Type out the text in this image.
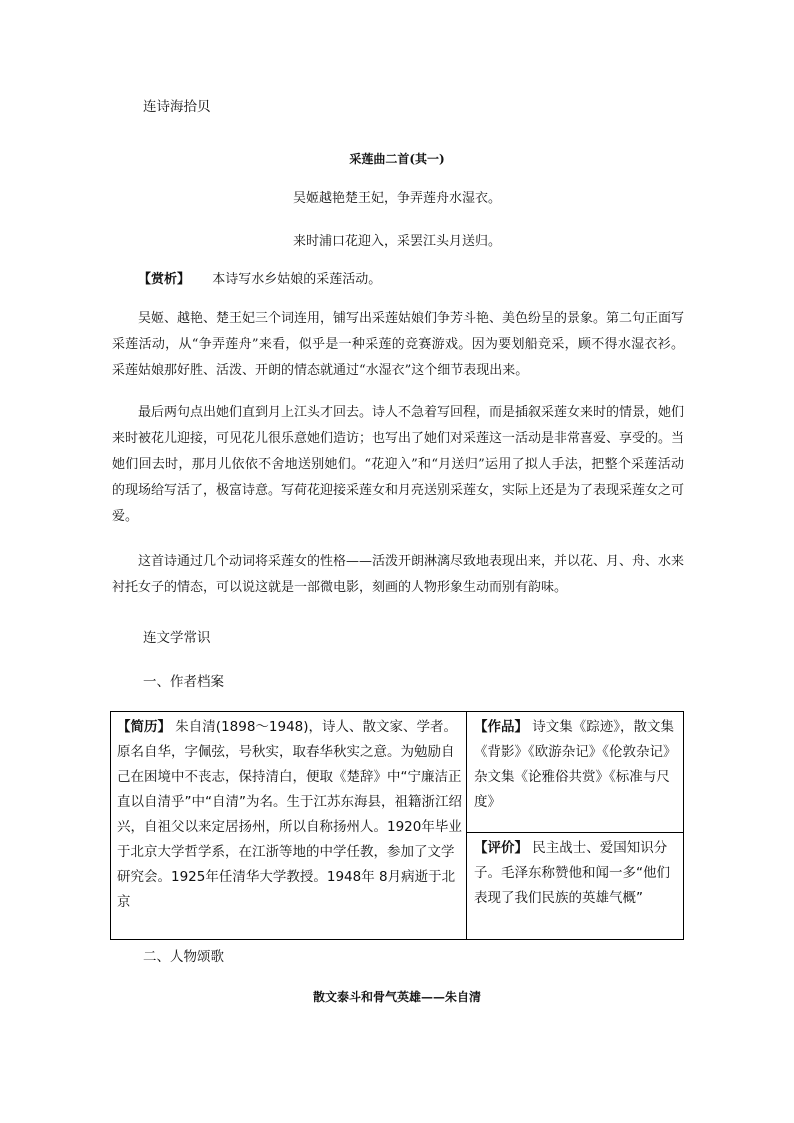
连诗海拾贝
采莲曲二首(其一)
吴姬越艳楚王妃，争弄莲舟水湿衣。
来时浦口花迎入，采罢江头月送归。
【赏析】 本诗写水乡姑娘的采莲活动。
吴姬、越艳、楚王妃三个词连用，铺写出采莲姑娘们争芳斗艳、美色纷呈的景象。第二句正面写采莲活动，从“争弄莲舟”来看，似乎是一种采莲的竞赛游戏。因为要划船竞采，顾不得水湿衣衫。采莲姑娘那好胜、活泼、开朗的情态就通过“水湿衣”这个细节表现出来。
最后两句点出她们直到月上江头才回去。诗人不急着写回程，而是插叙采莲女来时的情景，她们来时被花儿迎接，可见花儿很乐意她们造访；也写出了她们对采莲这一活动是非常喜爱、享受的。当她们回去时，那月儿依依不舍地送别她们。“花迎入”和“月送归”运用了拟人手法，把整个采莲活动的现场给写活了，极富诗意。写荷花迎接采莲女和月亮送别采莲女，实际上还是为了表现采莲女之可爱。
这首诗通过几个动词将采莲女的性格——活泼开朗淋漓尽致地表现出来，并以花、月、舟、水来衬托女子的情态，可以说这就是一部微电影，刻画的人物形象生动而别有韵味。
连文学常识
一、作者档案
【简历】 朱自清(1898～1948)，诗人、散文家、学者。原名自华，字佩弦，号秋实，取春华秋实之意。为勉励自己在困境中不丧志，保持清白，便取《楚辞》中“宁廉洁正直以自清乎”中“自清”为名。生于江苏东海县，祖籍浙江绍兴，自祖父以来定居扬州，所以自称扬州人。1920年毕业于北京大学哲学系，在江浙等地的中学任教，参加了文学研究会。1925年任清华大学教授。1948年 8月病逝于北京
【作品】 诗文集《踪迹》，散文集《背影》《欧游杂记》《伦敦杂记》杂文集《论雅俗共赏》《标准与尺度》
【评价】 民主战士、爱国知识分子。毛泽东称赞他和闻一多“他们表现了我们民族的英雄气概”
二、人物颂歌
散文泰斗和骨气英雄——朱自清
